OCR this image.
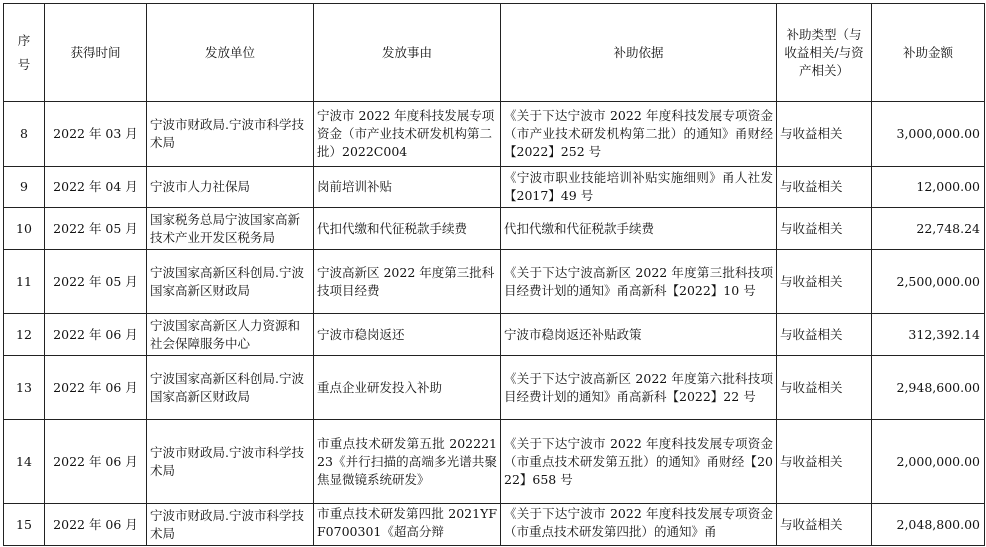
序号	获得时间	发放单位	发放事由	补助依据	补助类型（与收益相关/与资产相关）	补助金额
8	2022 年 03 月	宁波市财政局.宁波市科学技术局	宁波市 2022 年度科技发展专项资金（市产业技术研发机构第二批）2022C004	《关于下达宁波市 2022 年度科技发展专项资金（市产业技术研发机构第二批）的通知》甬财经【2022】252 号	与收益相关	3,000,000.00
9	2022 年 04 月	宁波市人力社保局	岗前培训补贴	《宁波市职业技能培训补贴实施细则》甬人社发【2017】49 号	与收益相关	12,000.00
10	2022 年 05 月	国家税务总局宁波国家高新技术产业开发区税务局	代扣代缴和代征税款手续费	代扣代缴和代征税款手续费	与收益相关	22,748.24
11	2022 年 05 月	宁波国家高新区科创局.宁波国家高新区财政局	宁波高新区 2022 年度第三批科技项目经费	《关于下达宁波高新区 2022 年度第三批科技项目经费计划的通知》甬高新科【2022】10 号	与收益相关	2,500,000.00
12	2022 年 06 月	宁波国家高新区人力资源和社会保障服务中心	宁波市稳岗返还	宁波市稳岗返还补贴政策	与收益相关	312,392.14
13	2022 年 06 月	宁波国家高新区科创局.宁波国家高新区财政局	重点企业研发投入补助	《关于下达宁波高新区 2022 年度第六批科技项目经费计划的通知》甬高新科【2022】22 号	与收益相关	2,948,600.00
14	2022 年 06 月	宁波市财政局.宁波市科学技术局	市重点技术研发第五批 20222123《并行扫描的高端多光谱共聚焦显微镜系统研发》	《关于下达宁波市 2022 年度科技发展专项资金（市重点技术研发第五批）的通知》甬财经【2022】658 号	与收益相关	2,000,000.00
15	2022 年 06 月	宁波市财政局.宁波市科学技术局	市重点技术研发第四批 2021YFF0700301《超高分辩	《关于下达宁波市 2022 年度科技发展专项资金（市重点技术研发第四批）的通知》甬	与收益相关	2,048,800.00
